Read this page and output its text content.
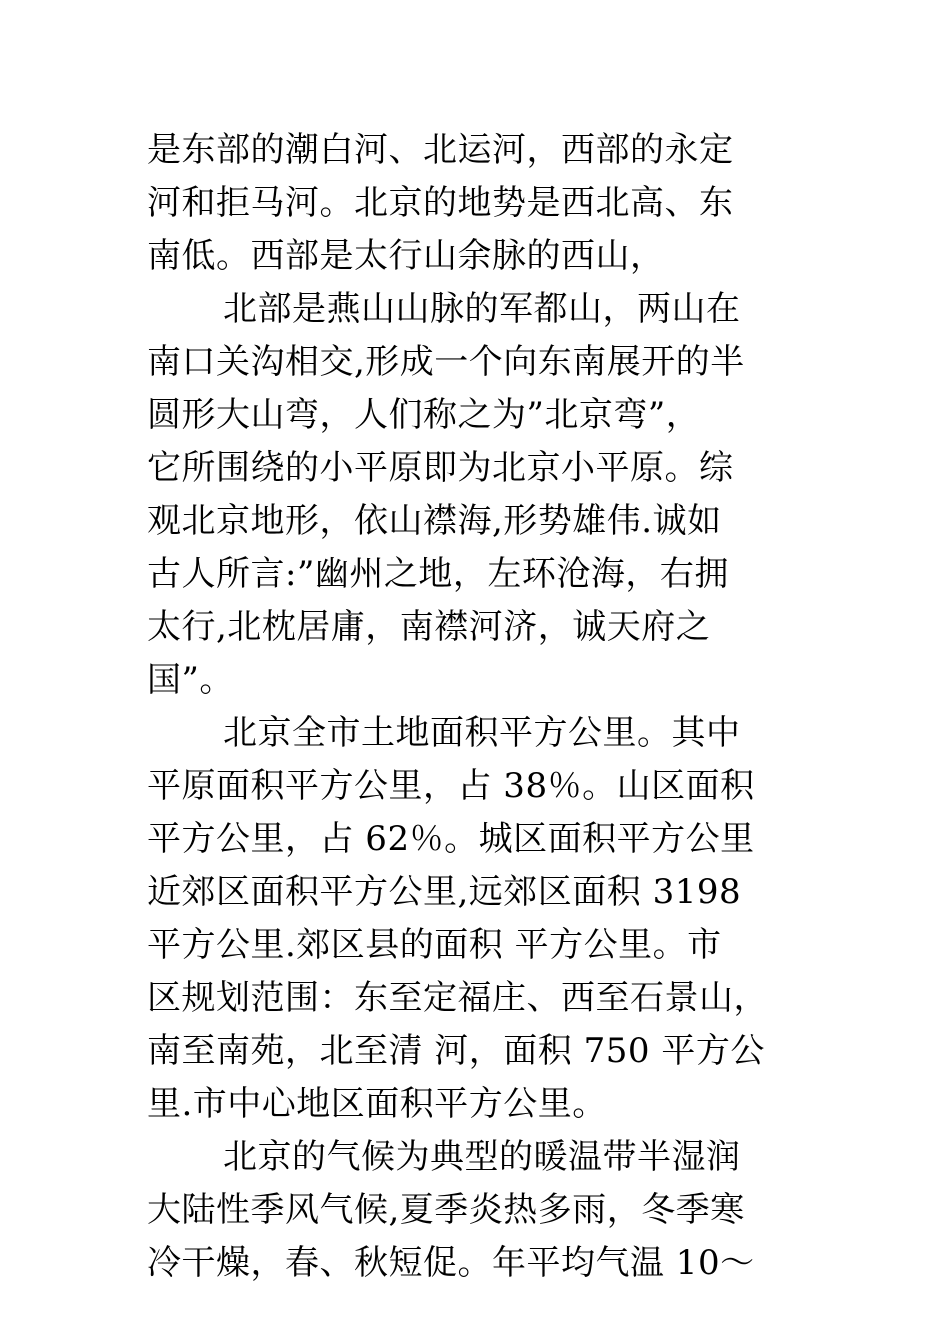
是东部的潮白河、北运河，西部的永定
河和拒马河。北京的地势是西北高、东
南低。西部是太行山余脉的西山，
北部是燕山山脉的军都山，两山在
南口关沟相交,形成一个向东南展开的半
圆形大山弯，人们称之为”北京弯”，
它所围绕的小平原即为北京小平原。综
观北京地形，依山襟海,形势雄伟.诚如
古人所言:”幽州之地，左环沧海，右拥
太行,北枕居庸，南襟河济，诚天府之
国”。
北京全市土地面积平方公里。其中
平原面积平方公里，占 38％。山区面积
平方公里，占 62％。城区面积平方公里
近郊区面积平方公里,远郊区面积 3198
平方公里.郊区县的面积 平方公里。市
区规划范围：东至定福庄、西至石景山，
南至南苑，北至清 河，面积 750 平方公
里.市中心地区面积平方公里。
北京的气候为典型的暖温带半湿润
大陆性季风气候,夏季炎热多雨，冬季寒
冷干燥，春、秋短促。年平均气温 10～
